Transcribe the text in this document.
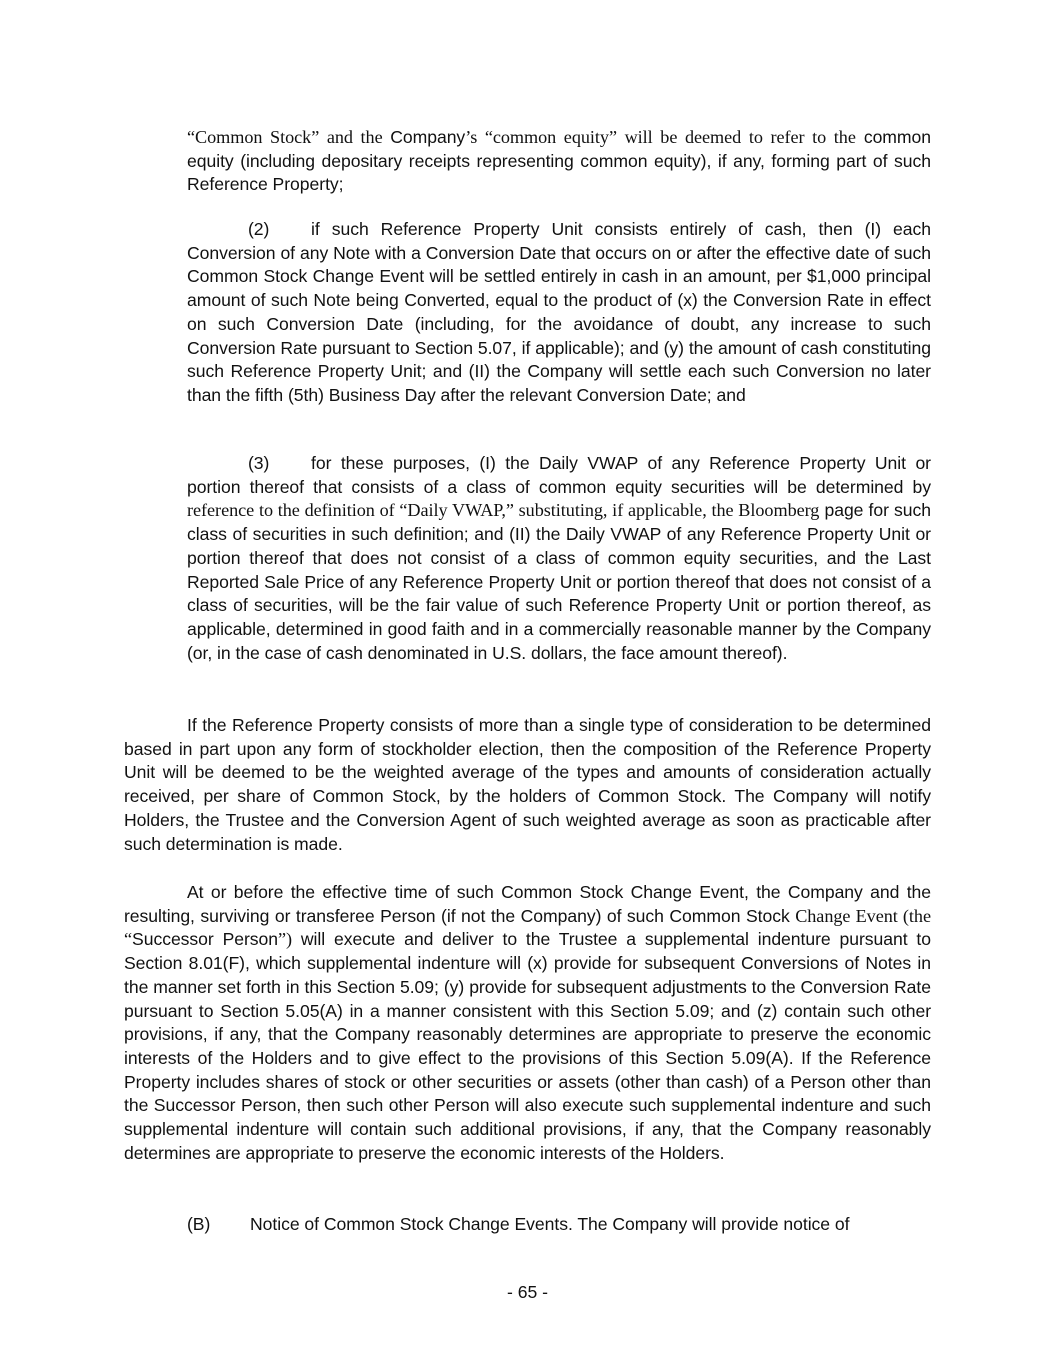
“Common Stock” and the Company’s “common equity” will be deemed to refer to the common equity (including depositary receipts representing common equity), if any, forming part of such Reference Property;

(2) if such Reference Property Unit consists entirely of cash, then (I) each Conversion of any Note with a Conversion Date that occurs on or after the effective date of such Common Stock Change Event will be settled entirely in cash in an amount, per $1,000 principal amount of such Note being Converted, equal to the product of (x) the Conversion Rate in effect on such Conversion Date (including, for the avoidance of doubt, any increase to such Conversion Rate pursuant to Section 5.07, if applicable); and (y) the amount of cash constituting such Reference Property Unit; and (II) the Company will settle each such Conversion no later than the fifth (5th) Business Day after the relevant Conversion Date; and

(3) for these purposes, (I) the Daily VWAP of any Reference Property Unit or portion thereof that consists of a class of common equity securities will be determined by reference to the definition of “Daily VWAP,” substituting, if applicable, the Bloomberg page for such class of securities in such definition; and (II) the Daily VWAP of any Reference Property Unit or portion thereof that does not consist of a class of common equity securities, and the Last Reported Sale Price of any Reference Property Unit or portion thereof that does not consist of a class of securities, will be the fair value of such Reference Property Unit or portion thereof, as applicable, determined in good faith and in a commercially reasonable manner by the Company (or, in the case of cash denominated in U.S. dollars, the face amount thereof).

If the Reference Property consists of more than a single type of consideration to be determined based in part upon any form of stockholder election, then the composition of the Reference Property Unit will be deemed to be the weighted average of the types and amounts of consideration actually received, per share of Common Stock, by the holders of Common Stock. The Company will notify Holders, the Trustee and the Conversion Agent of such weighted average as soon as practicable after such determination is made.

At or before the effective time of such Common Stock Change Event, the Company and the resulting, surviving or transferee Person (if not the Company) of such Common Stock Change Event (the “Successor Person”) will execute and deliver to the Trustee a supplemental indenture pursuant to Section 8.01(F), which supplemental indenture will (x) provide for subsequent Conversions of Notes in the manner set forth in this Section 5.09; (y) provide for subsequent adjustments to the Conversion Rate pursuant to Section 5.05(A) in a manner consistent with this Section 5.09; and (z) contain such other provisions, if any, that the Company reasonably determines are appropriate to preserve the economic interests of the Holders and to give effect to the provisions of this Section 5.09(A). If the Reference Property includes shares of stock or other securities or assets (other than cash) of a Person other than the Successor Person, then such other Person will also execute such supplemental indenture and such supplemental indenture will contain such additional provisions, if any, that the Company reasonably determines are appropriate to preserve the economic interests of the Holders.

(B) Notice of Common Stock Change Events. The Company will provide notice of

- 65 -
